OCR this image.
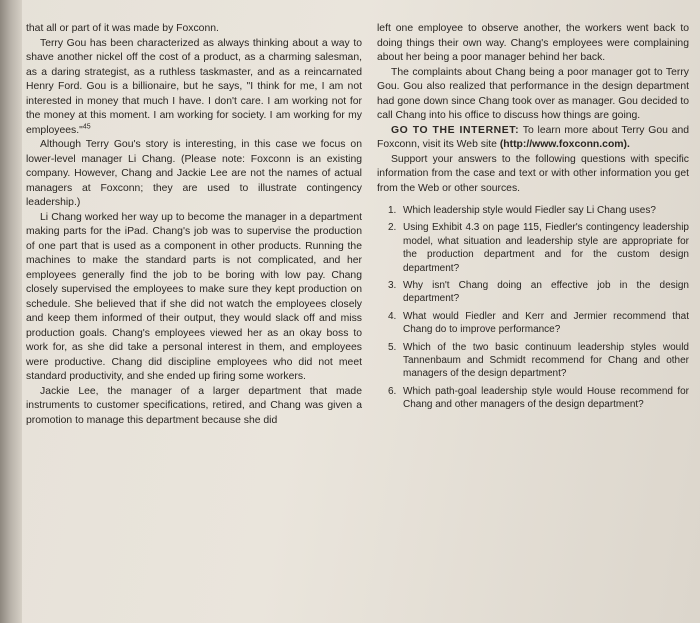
that all or part of it was made by Foxconn.

Terry Gou has been characterized as always thinking about a way to shave another nickel off the cost of a product, as a charming salesman, as a daring strategist, as a ruthless taskmaster, and as a reincarnated Henry Ford. Gou is a billionaire, but he says, "I think for me, I am not interested in money that much I have. I don't care. I am working not for the money at this moment. I am working for society. I am working for my employees."$^{45}$

Although Terry Gou's story is interesting, in this case we focus on lower-level manager Li Chang. (Please note: Foxconn is an existing company. However, Chang and Jackie Lee are not the names of actual managers at Foxconn; they are used to illustrate contingency leadership.)

Li Chang worked her way up to become the manager in a department making parts for the iPad. Chang's job was to supervise the production of one part that is used as a component in other products. Running the machines to make the standard parts is not complicated, and her employees generally find the job to be boring with low pay. Chang closely supervised the employees to make sure they kept production on schedule. She believed that if she did not watch the employees closely and keep them informed of their output, they would slack off and miss production goals. Chang's employees viewed her as an okay boss to work for, as she did take a personal interest in them, and employees were productive. Chang did discipline employees who did not meet standard productivity, and she ended up firing some workers.

Jackie Lee, the manager of a larger department that made instruments to customer specifications, retired, and Chang was given a promotion to manage this department because she did

left one employee to observe another, the workers went back to doing things their own way. Chang's employees were complaining about her being a poor manager behind her back.

The complaints about Chang being a poor manager got to Terry Gou. Gou also realized that performance in the design department had gone down since Chang took over as manager. Gou decided to call Chang into his office to discuss how things are going.

GO TO THE INTERNET: To learn more about Terry Gou and Foxconn, visit its Web site (http://www.foxconn.com).

Support your answers to the following questions with specific information from the case and text or with other information you get from the Web or other sources.

1. Which leadership style would Fiedler say Li Chang uses?
2. Using Exhibit 4.3 on page 115, Fiedler's contingency leadership model, what situation and leadership style are appropriate for the production department and for the custom design department?
3. Why isn't Chang doing an effective job in the design department?
4. What would Fiedler and Kerr and Jermier recommend that Chang do to improve performance?
5. Which of the two basic continuum leadership styles would Tannenbaum and Schmidt recommend for Chang and other managers of the design department?
6. Which path-goal leadership style would House recommend for Chang and other managers of the design department?
